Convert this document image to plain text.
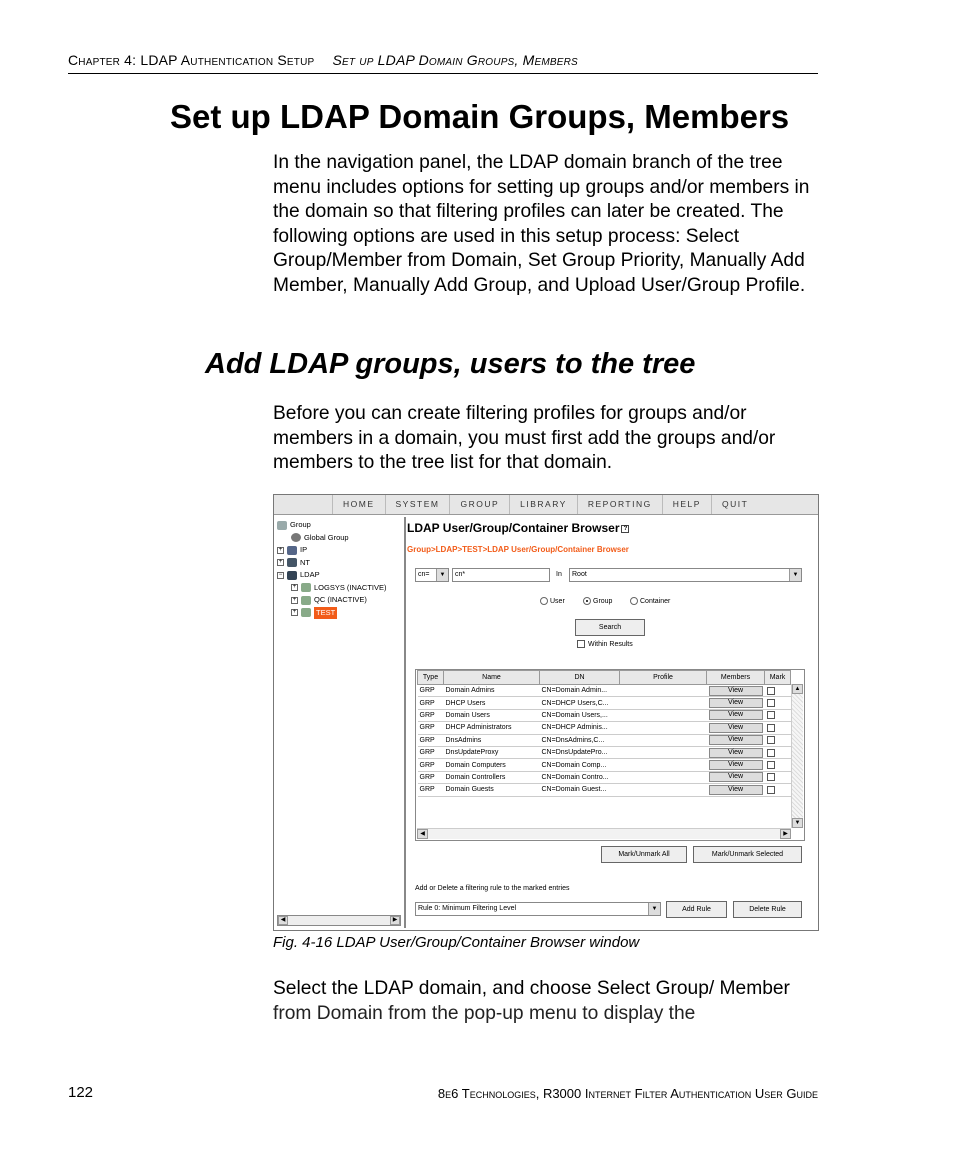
Chapter 4: LDAP Authentication Setup Set up LDAP Domain Groups, Members
Set up LDAP Domain Groups, Members

In the navigation panel, the LDAP domain branch of the tree menu includes options for setting up groups and/or members in the domain so that filtering profiles can later be created. The following options are used in this setup process: Select Group/Member from Domain, Set Group Priority, Manually Add Member, Manually Add Group, and Upload User/Group Profile.

Add LDAP groups, users to the tree

Before you can create filtering profiles for groups and/or members in a domain, you must first add the groups and/or members to the tree list for that domain.

HOME	SYSTEM	GROUP	LIBRARY	REPORTING	HELP	QUIT
Group
Global Group
+ IP
+ NT
− LDAP
+ LOGSYS (INACTIVE)
+ QC (INACTIVE)
+	TEST
◀	▶
LDAP User/Group/Container Browser ?
Group>LDAP>TEST>LDAP User/Group/Container Browser
cn=	▼	cn*	In	Root	▼
User	Group	Container
Search
Within Results
Type	Name	DN	Profile	Members	Mark
GRP	Domain Admins	CN=Domain Admin...		View	

GRP	DHCP Users	CN=DHCP Users,C...		View	

GRP	Domain Users	CN=Domain Users,...		View	

GRP	DHCP Administrators	CN=DHCP Adminis...		View	

GRP	DnsAdmins	CN=DnsAdmins,C...		View	

GRP	DnsUpdateProxy	CN=DnsUpdatePro...		View	

GRP	Domain Computers	CN=Domain Comp...		View	

GRP	Domain Controllers	CN=Domain Contro...		View	

GRP	Domain Guests	CN=Domain Guest...		View	

▲
▼
◀	▶
Mark/Unmark All	Mark/Unmark Selected
Add or Delete a filtering rule to the marked entries
Rule 0: Minimum Filtering Level	▼	Add Rule	Delete Rule
Fig. 4-16 LDAP User/Group/Container Browser window

Select the LDAP domain, and choose Select Group/ Member from Domain from the pop-up menu to display the

122	8e6 Technologies, R3000 Internet Filter Authentication User Guide
